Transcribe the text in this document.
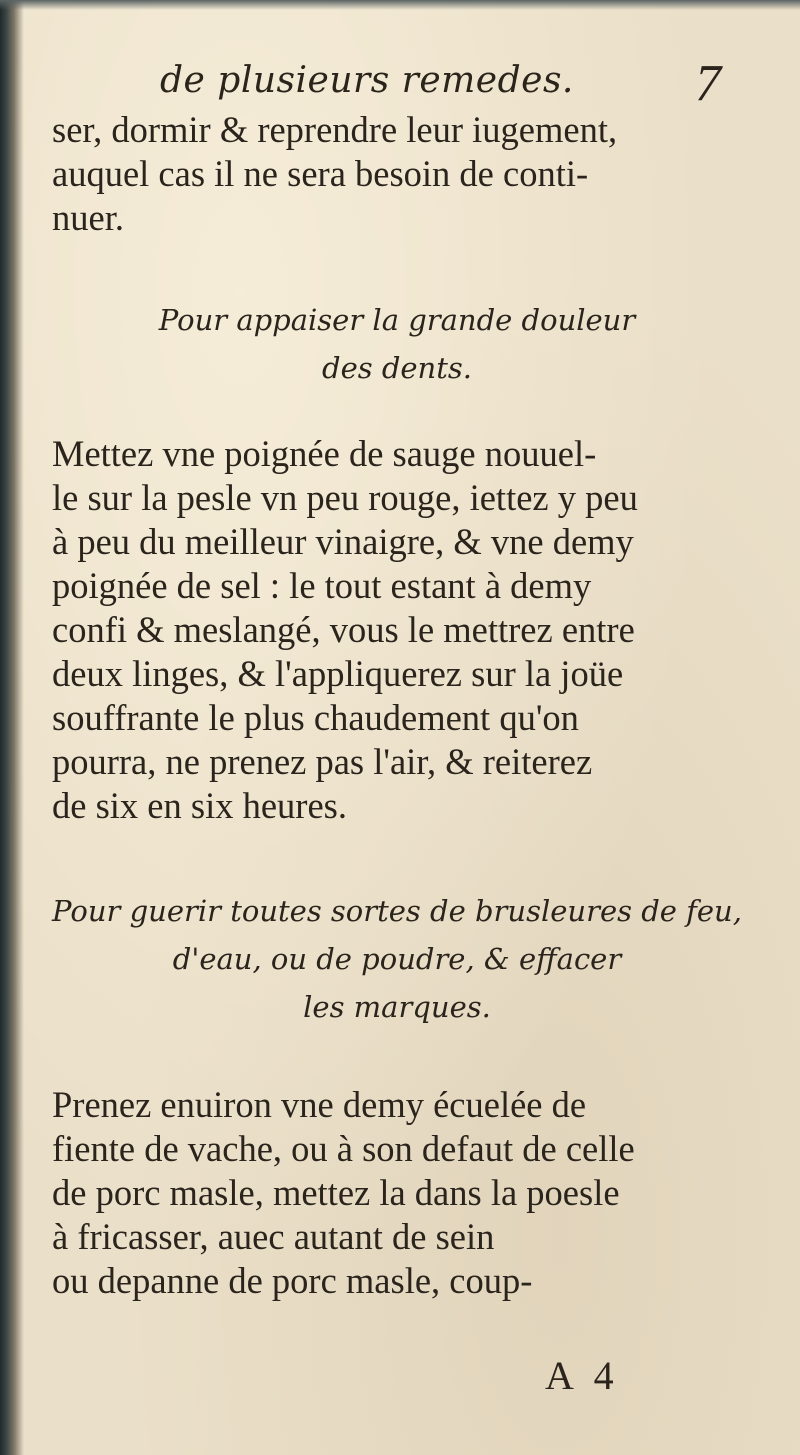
de plusieurs remedes. 7
ser, dormir & reprendre leur iugement,
auquel cas il ne sera besoin de conti-
nuer.
Pour appaiser la grande douleur
des dents.
Mettez vne poignée de sauge nouuel-
le sur la pesle vn peu rouge, iettez y peu
à peu du meilleur vinaigre, & vne demy
poignée de sel : le tout estant à demy
confi & meslangé, vous le mettrez entre
deux linges, & l'appliquerez sur la joüe
souffrante le plus chaudement qu'on
pourra, ne prenez pas l'air, & reiterez
de six en six heures.
Pour guerir toutes sortes de brusleures de feu,
d'eau, ou de poudre, & effacer
les marques.
Prenez enuiron vne demy écuelée de
fiente de vache, ou à son defaut de celle
de porc masle, mettez la dans la poesle
à fricasser, auec autant de sein
ou depanne de porc masle, coup-
A 4
